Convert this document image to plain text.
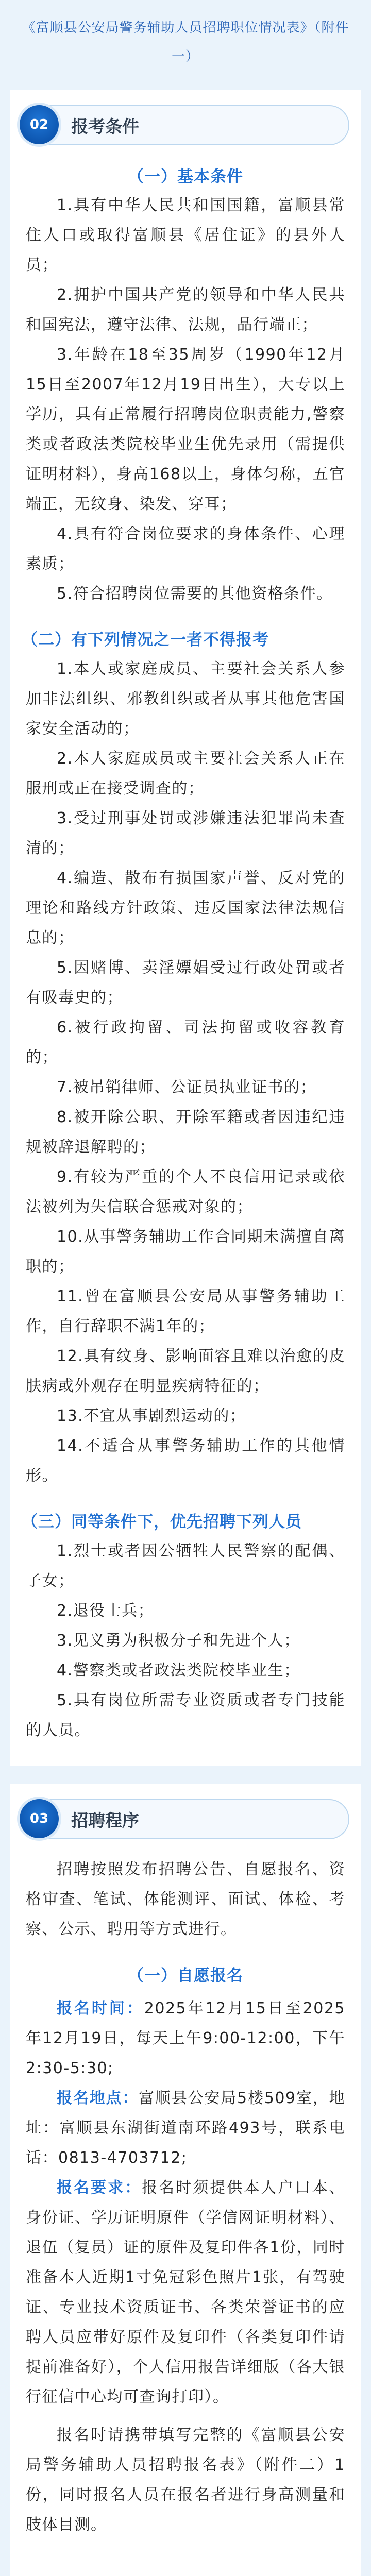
《富顺县公安局警务辅助人员招聘职位情况表》（附件一）
02	报考条件
（一）基本条件

1.具有中华人民共和国国籍，富顺县常住人口或取得富顺县《居住证》的县外人员；

2.拥护中国共产党的领导和中华人民共和国宪法，遵守法律、法规，品行端正；

3.年龄在18至35周岁（1990年12月15日至2007年12月19日出生），大专以上学历，具有正常履行招聘岗位职责能力,警察类或者政法类院校毕业生优先录用（需提供证明材料），身高168以上，身体匀称，五官端正，无纹身、染发、穿耳；

4.具有符合岗位要求的身体条件、心理素质；

5.符合招聘岗位需要的其他资格条件。

（二）有下列情况之一者不得报考

1.本人或家庭成员、主要社会关系人参加非法组织、邪教组织或者从事其他危害国家安全活动的；

2.本人家庭成员或主要社会关系人正在服刑或正在接受调查的；

3.受过刑事处罚或涉嫌违法犯罪尚未查清的；

4.编造、散布有损国家声誉、反对党的理论和路线方针政策、违反国家法律法规信息的；

5.因赌博、卖淫嫖娼受过行政处罚或者有吸毒史的；

6.被行政拘留、司法拘留或收容教育的；

7.被吊销律师、公证员执业证书的；

8.被开除公职、开除军籍或者因违纪违规被辞退解聘的；

9.有较为严重的个人不良信用记录或依法被列为失信联合惩戒对象的；

10.从事警务辅助工作合同期未满擅自离职的；

11.曾在富顺县公安局从事警务辅助工作，自行辞职不满1年的；

12.具有纹身、影响面容且难以治愈的皮肤病或外观存在明显疾病特征的；

13.不宜从事剧烈运动的；

14.不适合从事警务辅助工作的其他情形。

（三）同等条件下，优先招聘下列人员

1.烈士或者因公牺牲人民警察的配偶、子女；

2.退役士兵；

3.见义勇为积极分子和先进个人；

4.警察类或者政法类院校毕业生；

5.具有岗位所需专业资质或者专门技能的人员。

03	招聘程序

招聘按照发布招聘公告、自愿报名、资格审查、笔试、体能测评、面试、体检、考察、公示、聘用等方式进行。

（一）自愿报名

报名时间：2025年12月15日至2025年12月19日，每天上午9:00-12:00，下午2:30-5:30;

报名地点：富顺县公安局5楼509室，地址：富顺县东湖街道南环路493号，联系电话：0813-4703712;

报名要求：报名时须提供本人户口本、身份证、学历证明原件（学信网证明材料）、退伍（复员）证的原件及复印件各1份，同时准备本人近期1寸免冠彩色照片1张，有驾驶证、专业技术资质证书、各类荣誉证书的应聘人员应带好原件及复印件（各类复印件请提前准备好），个人信用报告详细版（各大银行征信中心均可查询打印）。

报名时请携带填写完整的《富顺县公安局警务辅助人员招聘报名表》（附件二）1份，同时报名人员在报名者进行身高测量和肢体目测。
